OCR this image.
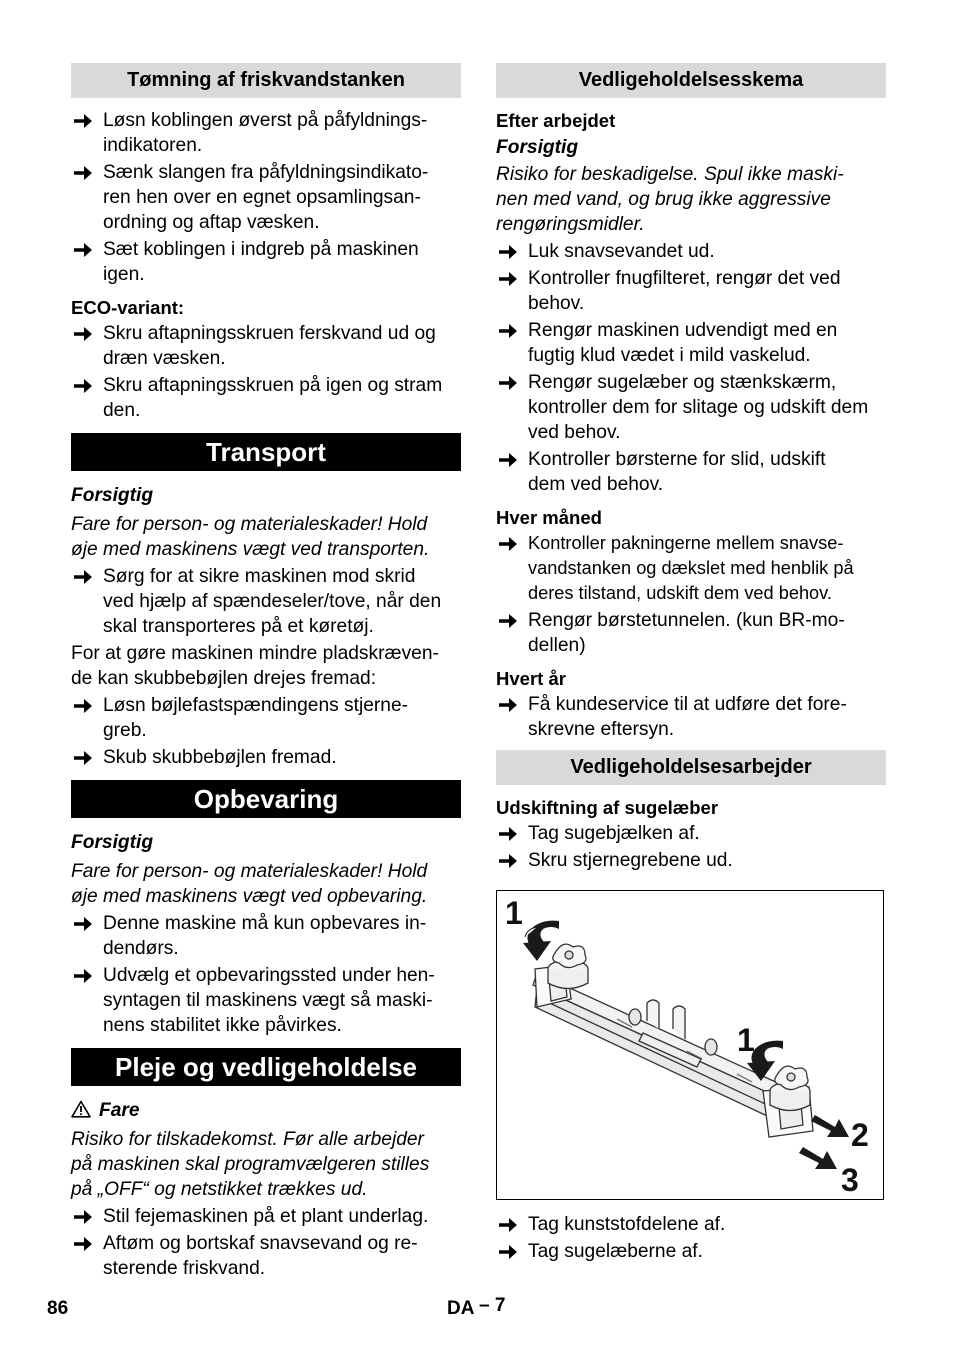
Tømning af friskvandstanken
Løsn koblingen øverst på påfyldnings-
indikatoren.
Sænk slangen fra påfyldningsindikato-
ren hen over en egnet opsamlingsan-
ordning og aftap væsken.
Sæt koblingen i indgreb på maskinen
igen.
ECO-variant:
Skru aftapningsskruen ferskvand ud og
dræn væsken.
Skru aftapningsskruen på igen og stram
den.
Transport
Forsigtig
Fare for person- og materialeskader! Hold
øje med maskinens vægt ved transporten.
Sørg for at sikre maskinen mod skrid
ved hjælp af spændeseler/tove, når den
skal transporteres på et køretøj.
For at gøre maskinen mindre pladskræven-
de kan skubbebøjlen drejes fremad:
Løsn bøjlefastspændingens stjerne-
greb.
Skub skubbebøjlen fremad.
Opbevaring
Forsigtig
Fare for person- og materialeskader! Hold
øje med maskinens vægt ved opbevaring.
Denne maskine må kun opbevares in-
dendørs.
Udvælg et opbevaringssted under hen-
syntagen til maskinens vægt så maski-
nens stabilitet ikke påvirkes.
Pleje og vedligeholdelse
Fare
Risiko for tilskadekomst. Før alle arbejder
på maskinen skal programvælgeren stilles
på „OFF“ og netstikket trækkes ud.
Stil fejemaskinen på et plant underlag.
Aftøm og bortskaf snavsevand og re-
sterende friskvand.
Vedligeholdelsesskema
Efter arbejdet
Forsigtig
Risiko for beskadigelse. Spul ikke maski-
nen med vand, og brug ikke aggressive
rengøringsmidler.
Luk snavsevandet ud.
Kontroller fnugfilteret, rengør det ved
behov.
Rengør maskinen udvendigt med en
fugtig klud vædet i mild vaskelud.
Rengør sugelæber og stænkskærm,
kontroller dem for slitage og udskift dem
ved behov.
Kontroller børsterne for slid, udskift
dem ved behov.
Hver måned
Kontroller pakningerne mellem snavse-
vandstanken og dækslet med henblik på
deres tilstand, udskift dem ved behov.
Rengør børstetunnelen. (kun BR-mo-
dellen)
Hvert år
Få kundeservice til at udføre det fore-
skrevne eftersyn.
Vedligeholdelsesarbejder
Udskiftning af sugelæber
Tag sugebjælken af.
Skru stjernegrebene ud.
1
1
2
3
Tag kunststofdelene af.
Tag sugelæberne af.
86	DA – 7
